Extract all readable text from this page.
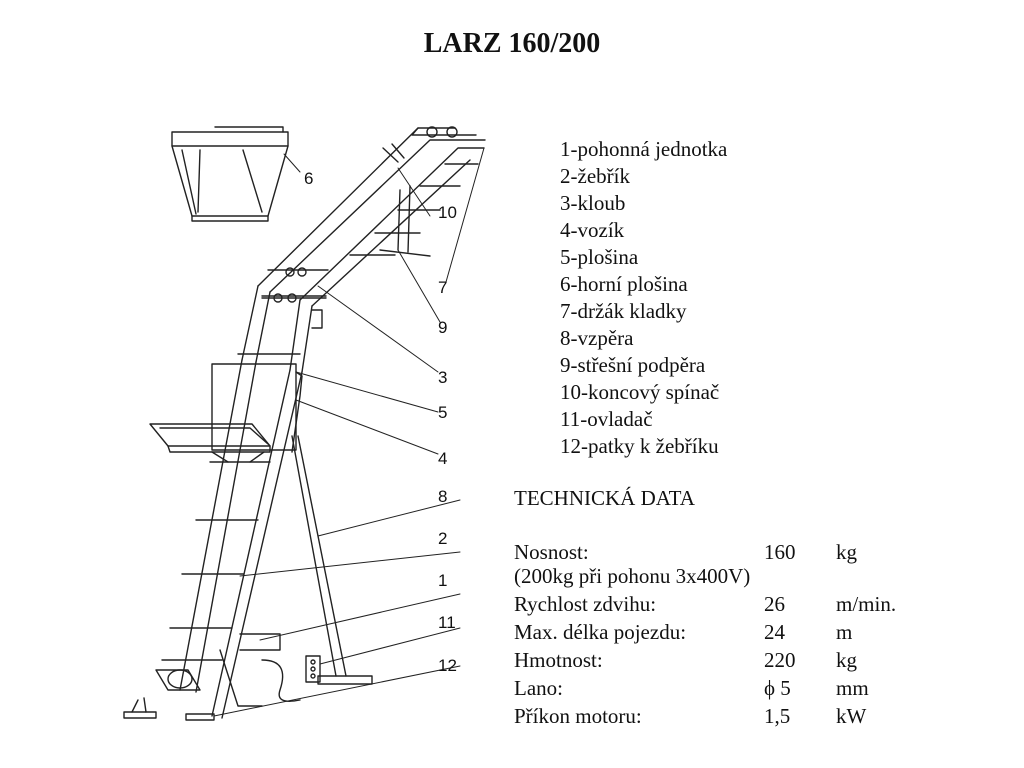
LARZ 160/200
6
10
7
9
3
5
4
8
2
1
11
12
1-pohonná jednotka
2-žebřík
3-kloub
4-vozík
5-plošina
6-horní plošina
7-držák kladky
8-vzpěra
9-střešní podpěra
10-koncový spínač
11-ovladač
12-patky k žebříku
TECHNICKÁ DATA
Nosnost:	160 kg
(200kg při pohonu 3x400V)
Rychlost zdvihu:	26 m/min.
Max. délka pojezdu:	24 m
Hmotnost:	220 kg
Lano:	ϕ 5 mm
Příkon motoru:	1,5 kW
